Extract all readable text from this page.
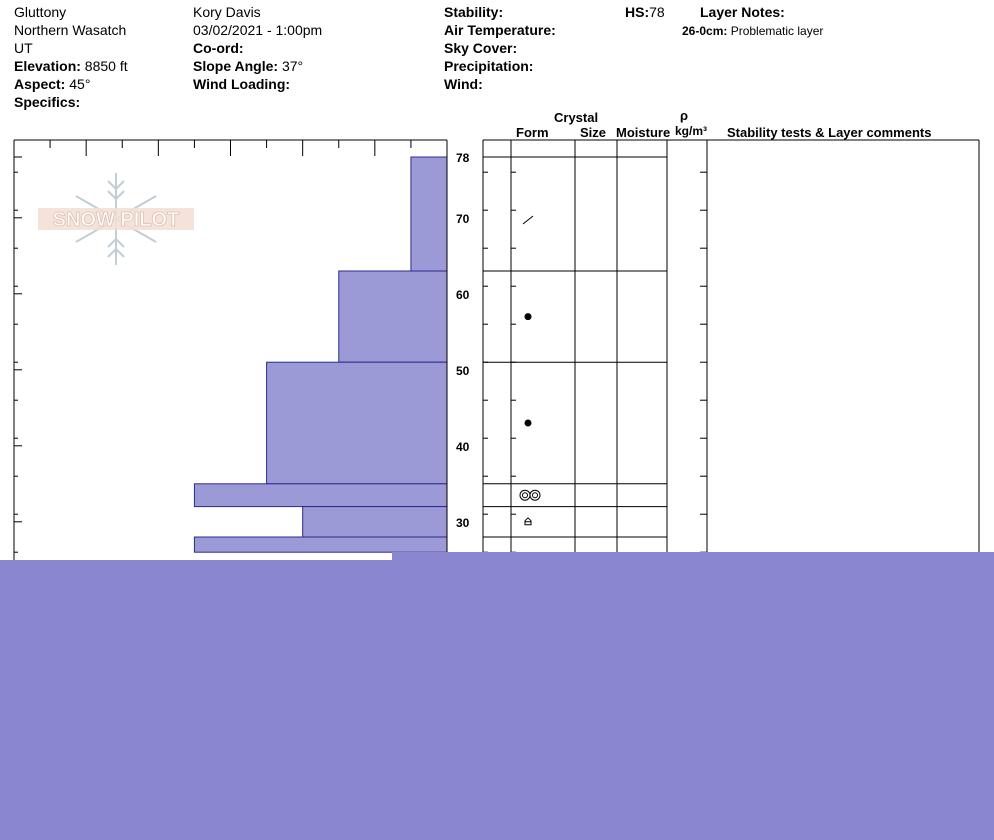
Gluttony
Northern Wasatch
UT
Elevation: 8850 ft
Aspect: 45°
Specifics:
Kory Davis
03/02/2021 - 1:00pm
Co-ord:
Slope Angle: 37°
Wind Loading:
Stability:
Air Temperature:
Sky Cover:
Precipitation:
Wind:
HS:78	Layer Notes:
26-0cm: Problematic layer
Crystal
Form Size Moisture
ρ
kg/m³ Stability tests & Layer comments
SNOW PILOT
30
40
50
60
70
78
